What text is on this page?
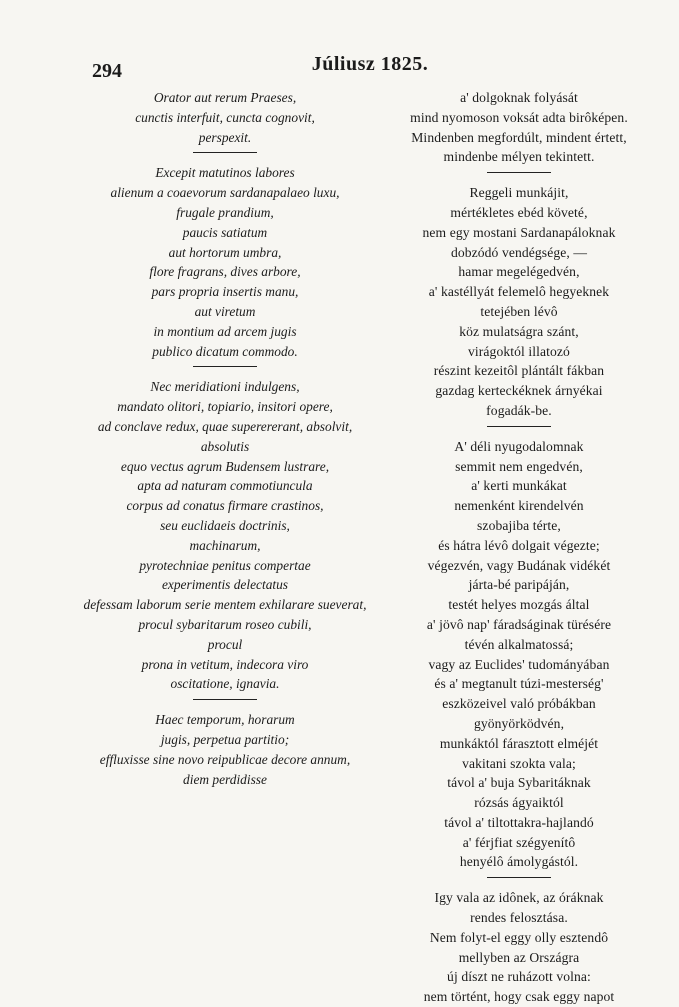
294	Júliusz 1825.
Orator aut rerum Praeses,
cunctis interfuit, cuncta cognovit,
perspexit.
Excepit matutinos labores
alienum a coaevorum sardanapalaeo luxu,
frugale prandium,
paucis satiatum
aut hortorum umbra,
flore fragrans, dives arbore,
pars propria insertis manu,
aut viretum
in montium ad arcem jugis
publico dicatum commodo.
Nec meridiationi indulgens,
mandato olitori, topiario, insitori opere,
ad conclave redux, quae superererant, absolvit,
absolutis
equo vectus agrum Budensem lustrare,
apta ad naturam commotiuncula
corpus ad conatus firmare crastinos,
seu euclidaeis doctrinis,
machinarum,
pyrotechniae penitus compertae
experimentis delectatus
defessam laborum serie mentem exhilarare sueverat,
procul sybaritarum roseo cubili,
procul
prona in vetitum, indecora viro
oscitatione, ignavia.
Haec temporum, horarum
jugis, perpetua partitio;
effluxisse sine novo reipublicae decore annum,
diem perdidisse
a' dolgoknak folyását
mind nyomoson voksát adta birôképen.
Mindenben megfordúlt, mindent értett,
mindenbe mélyen tekintett.
Reggeli munkájit,
mértékletes ebéd követé,
nem egy mostani Sardanapáloknak
dobzódó vendégsége, —
hamar megelégedvén,
a' kastéllyát felemelô hegyeknek
tetejében lévô
köz mulatságra szánt,
virágoktól illatozó
részint kezeitôl plántált fákban
gazdag kerteckéknek árnyékai
fogadák-be.
A' déli nyugodalomnak
semmit nem engedvén,
a' kerti munkákat
nemenként kirendelvén
szobajiba térte,
és hátra lévô dolgait végezte;
végezvén, vagy Budának vidékét
járta-bé paripáján,
testét helyes mozgás által
a' jövô nap' fáradságinak türésére
tévén alkalmatossá;
vagy az Euclides' tudományában
és a' megtanult túzi-mesterség'
eszközeivel való próbákban
gyönyörködvén,
munkáktól fárasztott elméjét
vakitani szokta vala;
távol a' buja Sybaritáknak
rózsás ágyaiktól
távol a' tiltottakra-hajlandó
a' férjfiat szégyenítô
henyélô ámolygástól.
Igy vala az idônek, az óráknak
rendes felosztása.
Nem folyt-el eggy olly esztendô
mellyben az Országra
új díszt ne ruházott volna:
nem történt, hogy csak eggy napot
